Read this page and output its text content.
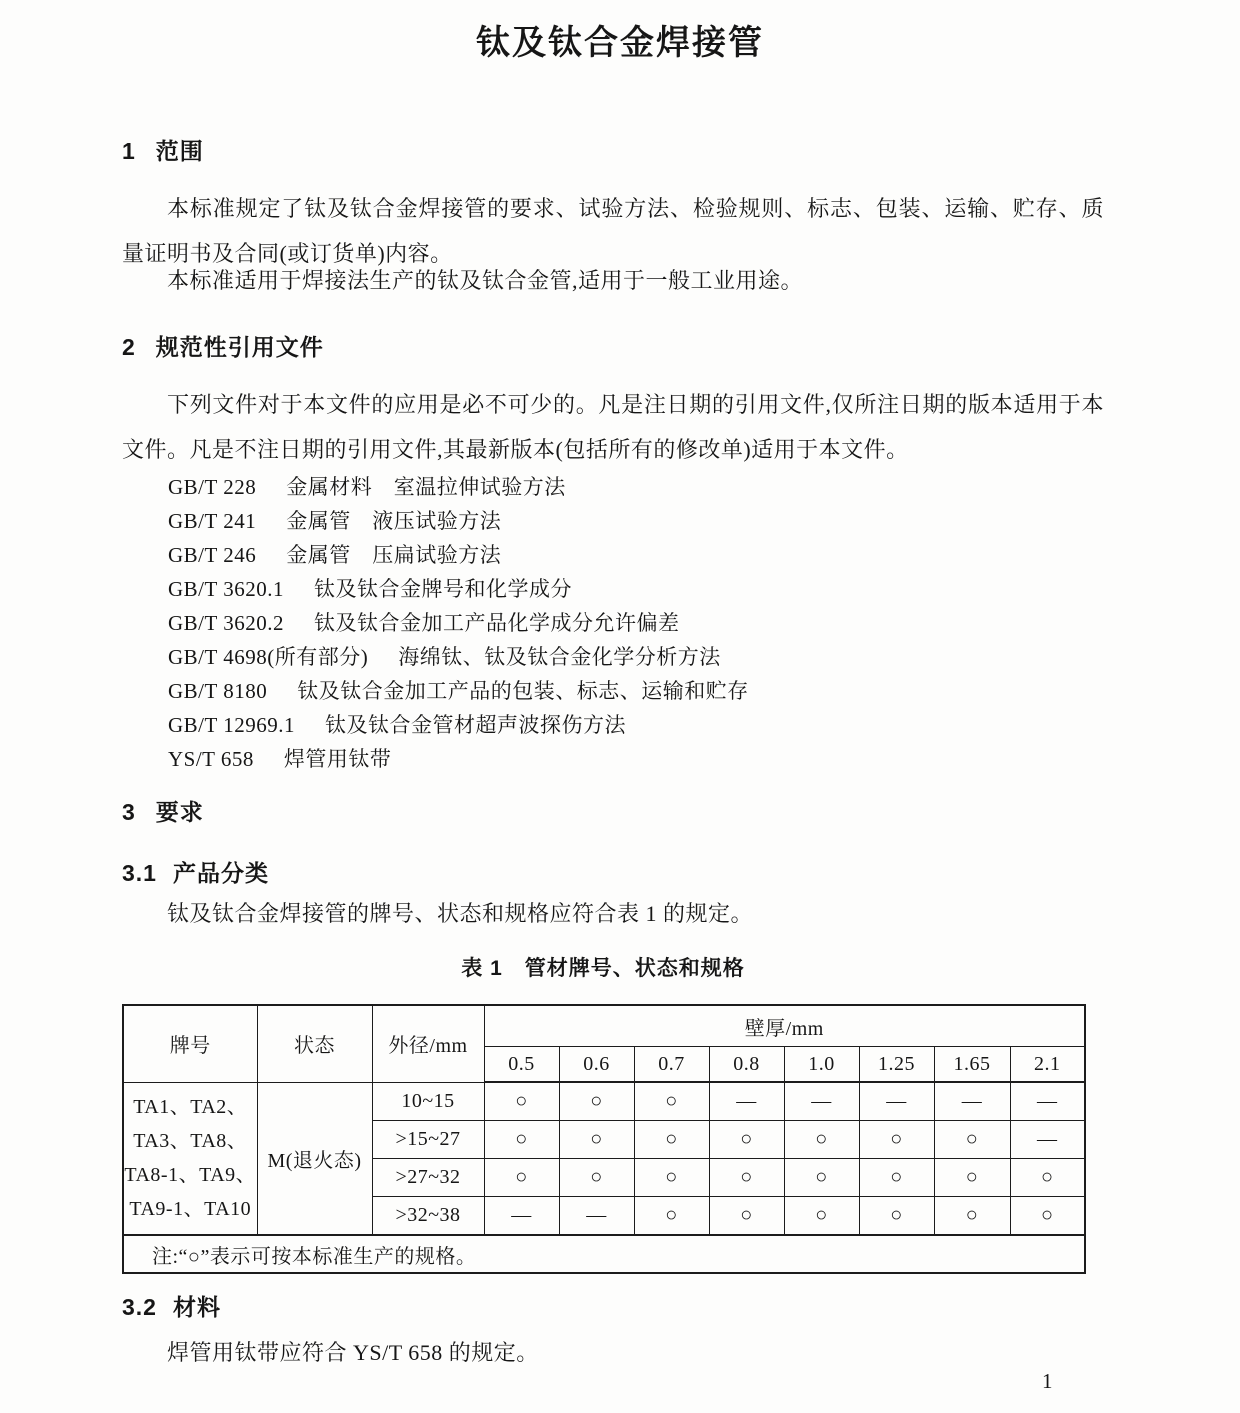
钛及钛合金焊接管
1 范围

本标准规定了钛及钛合金焊接管的要求、试验方法、检验规则、标志、包装、运输、贮存、质量证明书及合同(或订货单)内容。

本标准适用于焊接法生产的钛及钛合金管,适用于一般工业用途。

2 规范性引用文件

下列文件对于本文件的应用是必不可少的。凡是注日期的引用文件,仅所注日期的版本适用于本文件。凡是不注日期的引用文件,其最新版本(包括所有的修改单)适用于本文件。

GB/T 228 金属材料　室温拉伸试验方法
GB/T 241 金属管　液压试验方法
GB/T 246 金属管　压扁试验方法
GB/T 3620.1 钛及钛合金牌号和化学成分
GB/T 3620.2 钛及钛合金加工产品化学成分允许偏差
GB/T 4698(所有部分) 海绵钛、钛及钛合金化学分析方法
GB/T 8180 钛及钛合金加工产品的包装、标志、运输和贮存
GB/T 12969.1 钛及钛合金管材超声波探伤方法
YS/T 658 焊管用钛带
3 要求
3.1 产品分类

钛及钛合金焊接管的牌号、状态和规格应符合表 1 的规定。

表 1　管材牌号、状态和规格
牌号	状态	外径/mm	壁厚/mm							
			0.5	0.6	0.7	0.8	1.0	1.25	1.65	2.1

TA1、TA2、
TA3、TA8、
TA8-1、TA9、
TA9-1、TA10	M(退火态)	10~15	○	○	○	—	—	—	—	—
		>15~27	○	○	○	○	○	○	○	—
		>27~32	○	○	○	○	○	○	○	○
		>32~38	—	—	○	○	○	○	○	○
注:“○”表示可按本标准生产的规格。										
3.2 材料

焊管用钛带应符合 YS/T 658 的规定。

1
